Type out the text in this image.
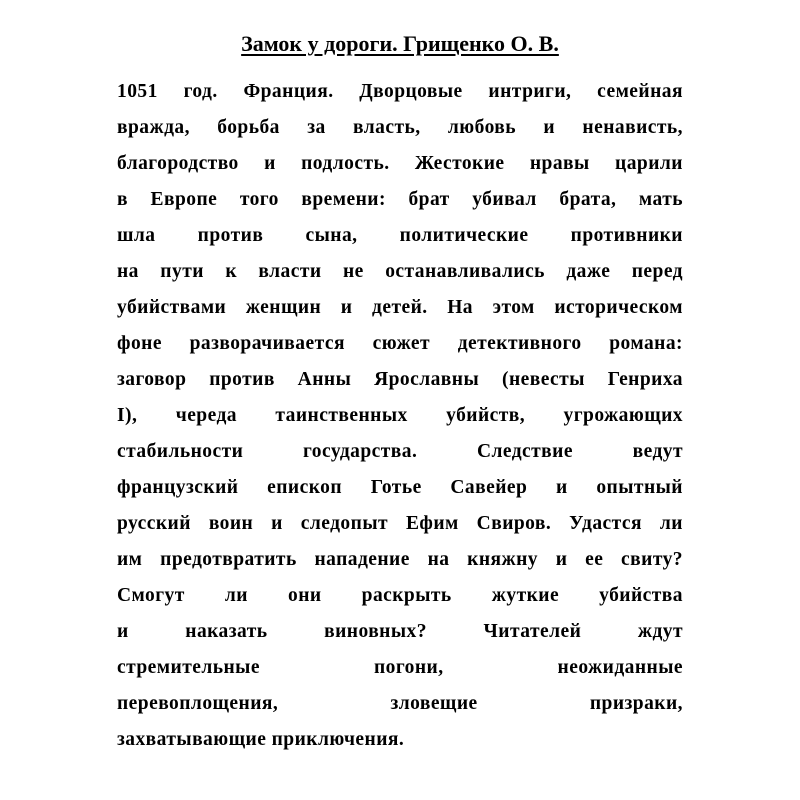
Замок у дороги. Грищенко О. В.
1051 год. Франция. Дворцовые интриги, семейная
вражда, борьба за власть, любовь и ненависть,
благородство и подлость. Жестокие нравы царили
в Европе того времени: брат убивал брата, мать
шла против сына, политические противники
на пути к власти не останавливались даже перед
убийствами женщин и детей. На этом историческом
фоне разворачивается сюжет детективного романа:
заговор против Анны Ярославны (невесты Генриха
I), череда таинственных убийств, угрожающих
стабильности государства. Следствие ведут
французский епископ Готье Савейер и опытный
русский воин и следопыт Ефим Свиров. Удастся ли
им предотвратить нападение на княжну и ее свиту?
Смогут ли они раскрыть жуткие убийства
и наказать виновных? Читателей ждут
стремительные погони, неожиданные
перевоплощения, зловещие призраки,
захватывающие приключения.
